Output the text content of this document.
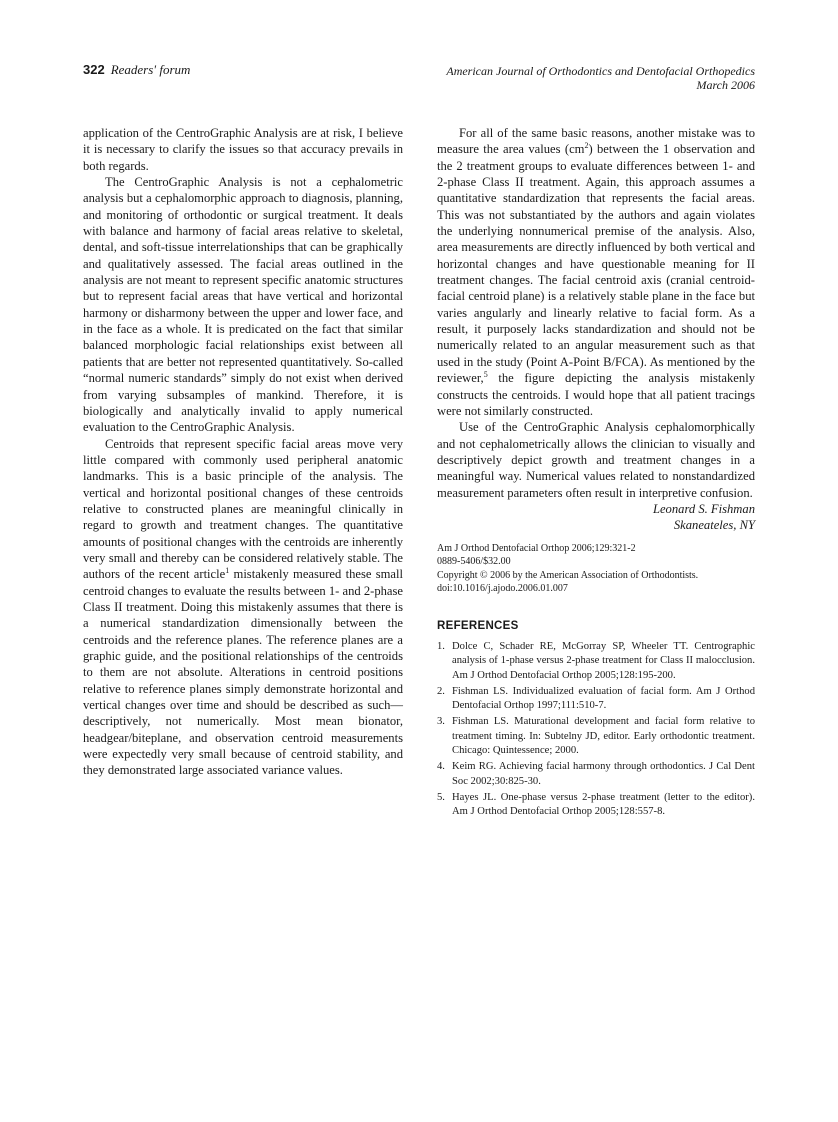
322 Readers' forum	American Journal of Orthodontics and Dentofacial Orthopedics
March 2006

application of the CentroGraphic Analysis are at risk, I believe it is necessary to clarify the issues so that accuracy prevails in both regards.

The CentroGraphic Analysis is not a cephalometric analysis but a cephalomorphic approach to diagnosis, planning, and monitoring of orthodontic or surgical treatment. It deals with balance and harmony of facial areas relative to skeletal, dental, and soft-tissue interrelationships that can be graphically and qualitatively assessed. The facial areas outlined in the analysis are not meant to represent specific anatomic structures but to represent facial areas that have vertical and horizontal harmony or disharmony between the upper and lower face, and in the face as a whole. It is predicated on the fact that similar balanced morphologic facial relationships exist between all patients that are better not represented quantitatively. So-called “normal numeric standards” simply do not exist when derived from varying subsamples of mankind. Therefore, it is biologically and analytically invalid to apply numerical evaluation to the CentroGraphic Analysis.

Centroids that represent specific facial areas move very little compared with commonly used peripheral anatomic landmarks. This is a basic principle of the analysis. The vertical and horizontal positional changes of these centroids relative to constructed planes are meaningful clinically in regard to growth and treatment changes. The quantitative amounts of positional changes with the centroids are inherently very small and thereby can be considered relatively stable. The authors of the recent article$^1$ mistakenly measured these small centroid changes to evaluate the results between 1- and 2-phase Class II treatment. Doing this mistakenly assumes that there is a numerical standardization dimensionally between the centroids and the reference planes. The reference planes are a graphic guide, and the positional relationships of the centroids to them are not absolute. Alterations in centroid positions relative to reference planes simply demonstrate horizontal and vertical changes over time and should be described as such—descriptively, not numerically. Most mean bionator, headgear/biteplane, and observation centroid measurements were expectedly very small because of centroid stability, and they demonstrated large associated variance values.

For all of the same basic reasons, another mistake was to measure the area values $(cm^2)$ between the 1 observation and the 2 treatment groups to evaluate differences between 1- and 2-phase Class II treatment. Again, this approach assumes a quantitative standardization that represents the facial areas. This was not substantiated by the authors and again violates the underlying nonnumerical premise of the analysis. Also, area measurements are directly influenced by both vertical and horizontal changes and have questionable meaning for II treatment changes. The facial centroid axis (cranial centroid-facial centroid plane) is a relatively stable plane in the face but varies angularly and linearly relative to facial form. As a result, it purposely lacks standardization and should not be numerically related to an angular measurement such as that used in the study (Point A-Point B/FCA). As mentioned by the reviewer,$^5$ the figure depicting the analysis mistakenly constructs the centroids. I would hope that all patient tracings were not similarly constructed.

Use of the CentroGraphic Analysis cephalomorphically and not cephalometrically allows the clinician to visually and descriptively depict growth and treatment changes in a meaningful way. Numerical values related to nonstandardized measurement parameters often result in interpretive confusion.

Leonard S. Fishman

Skaneateles, NY

Am J Orthod Dentofacial Orthop 2006;129:321-2
0889-5406/$32.00
Copyright © 2006 by the American Association of Orthodontists.
doi:10.1016/j.ajodo.2006.01.007
REFERENCES
1. Dolce C, Schader RE, McGorray SP, Wheeler TT. Centrographic analysis of 1-phase versus 2-phase treatment for Class II malocclusion. Am J Orthod Dentofacial Orthop 2005;128:195-200.
2. Fishman LS. Individualized evaluation of facial form. Am J Orthod Dentofacial Orthop 1997;111:510-7.
3. Fishman LS. Maturational development and facial form relative to treatment timing. In: Subtelny JD, editor. Early orthodontic treatment. Chicago: Quintessence; 2000.
4. Keim RG. Achieving facial harmony through orthodontics. J Cal Dent Soc 2002;30:825-30.
5. Hayes JL. One-phase versus 2-phase treatment (letter to the editor). Am J Orthod Dentofacial Orthop 2005;128:557-8.
